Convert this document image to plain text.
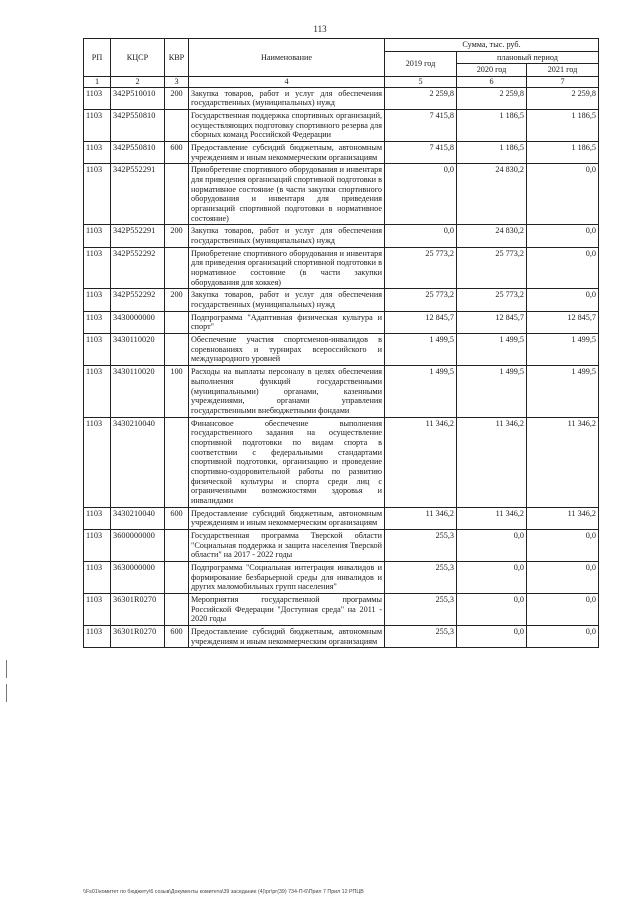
113
РП	КЦСР	КВР	Наименование	Сумма, тыс. руб.		
				2019 год	плановый период	
					2020 год	2021 год
1	2	3	4	5	6	7
1103	342P510010	200	Закупка товаров, работ и услуг для обеспечения государственных (муниципальных) нужд	2 259,8	2 259,8	2 259,8
1103	342P550810		Государственная поддержка спортивных организаций, осуществляющих подготовку спортивного резерва для сборных команд Российской Федерации	7 415,8	1 186,5	1 186,5
1103	342P550810	600	Предоставление субсидий бюджетным, автономным учреждениям и иным некоммерческим организациям	7 415,8	1 186,5	1 186,5
1103	342P552291		Приобретение спортивного оборудования и инвентаря для приведения организаций спортивной подготовки в нормативное состояние (в части закупки спортивного оборудования и инвентаря для приведения организаций спортивной подготовки в нормативное состояние)	0,0	24 830,2	0,0
1103	342P552291	200	Закупка товаров, работ и услуг для обеспечения государственных (муниципальных) нужд	0,0	24 830,2	0,0
1103	342P552292		Приобретение спортивного оборудования и инвентаря для приведения организаций спортивной подготовки в нормативное состояние (в части закупки оборудования для хоккея)	25 773,2	25 773,2	0,0
1103	342P552292	200	Закупка товаров, работ и услуг для обеспечения государственных (муниципальных) нужд	25 773,2	25 773,2	0,0
1103	3430000000		Подпрограмма "Адаптивная физическая культура и спорт"	12 845,7	12 845,7	12 845,7
1103	3430110020		Обеспечение участия спортсменов-инвалидов в соревнованиях и турнирах всероссийского и международного уровней	1 499,5	1 499,5	1 499,5
1103	3430110020	100	Расходы на выплаты персоналу в целях обеспечения выполнения функций государственными (муниципальными) органами, казенными учреждениями, органами управления государственными внебюджетными фондами	1 499,5	1 499,5	1 499,5
1103	3430210040		Финансовое обеспечение выполнения государственного задания на осуществление спортивной подготовки по видам спорта в соответствии с федеральными стандартами спортивной подготовки, организацию и проведение спортивно-оздоровительной работы по развитию физической культуры и спорта среди лиц с ограниченными возможностями здоровья и инвалидами	11 346,2	11 346,2	11 346,2
1103	3430210040	600	Предоставление субсидий бюджетным, автономным учреждениям и иным некоммерческим организациям	11 346,2	11 346,2	11 346,2
1103	3600000000		Государственная программа Тверской области "Социальная поддержка и защита населения Тверской области" на 2017 - 2022 годы	255,3	0,0	0,0
1103	3630000000		Подпрограмма "Социальная интеграция инвалидов и формирование безбарьерной среды для инвалидов и других маломобильных групп населения"	255,3	0,0	0,0
1103	36301R0270		Мероприятия государственной программы Российской Федерации "Доступная среда" на 2011 - 2020 годы	255,3	0,0	0,0
1103	36301R0270	600	Предоставление субсидий бюджетным, автономным учреждениям и иным некоммерческим организациям	255,3	0,0	0,0
\\Fs01\комитет по бюджету\6 созыв\Документы комитета\39 заседание (4)\рг\рг(39) 734-П-6\Прил 7 Прил 12 РПЦВ
